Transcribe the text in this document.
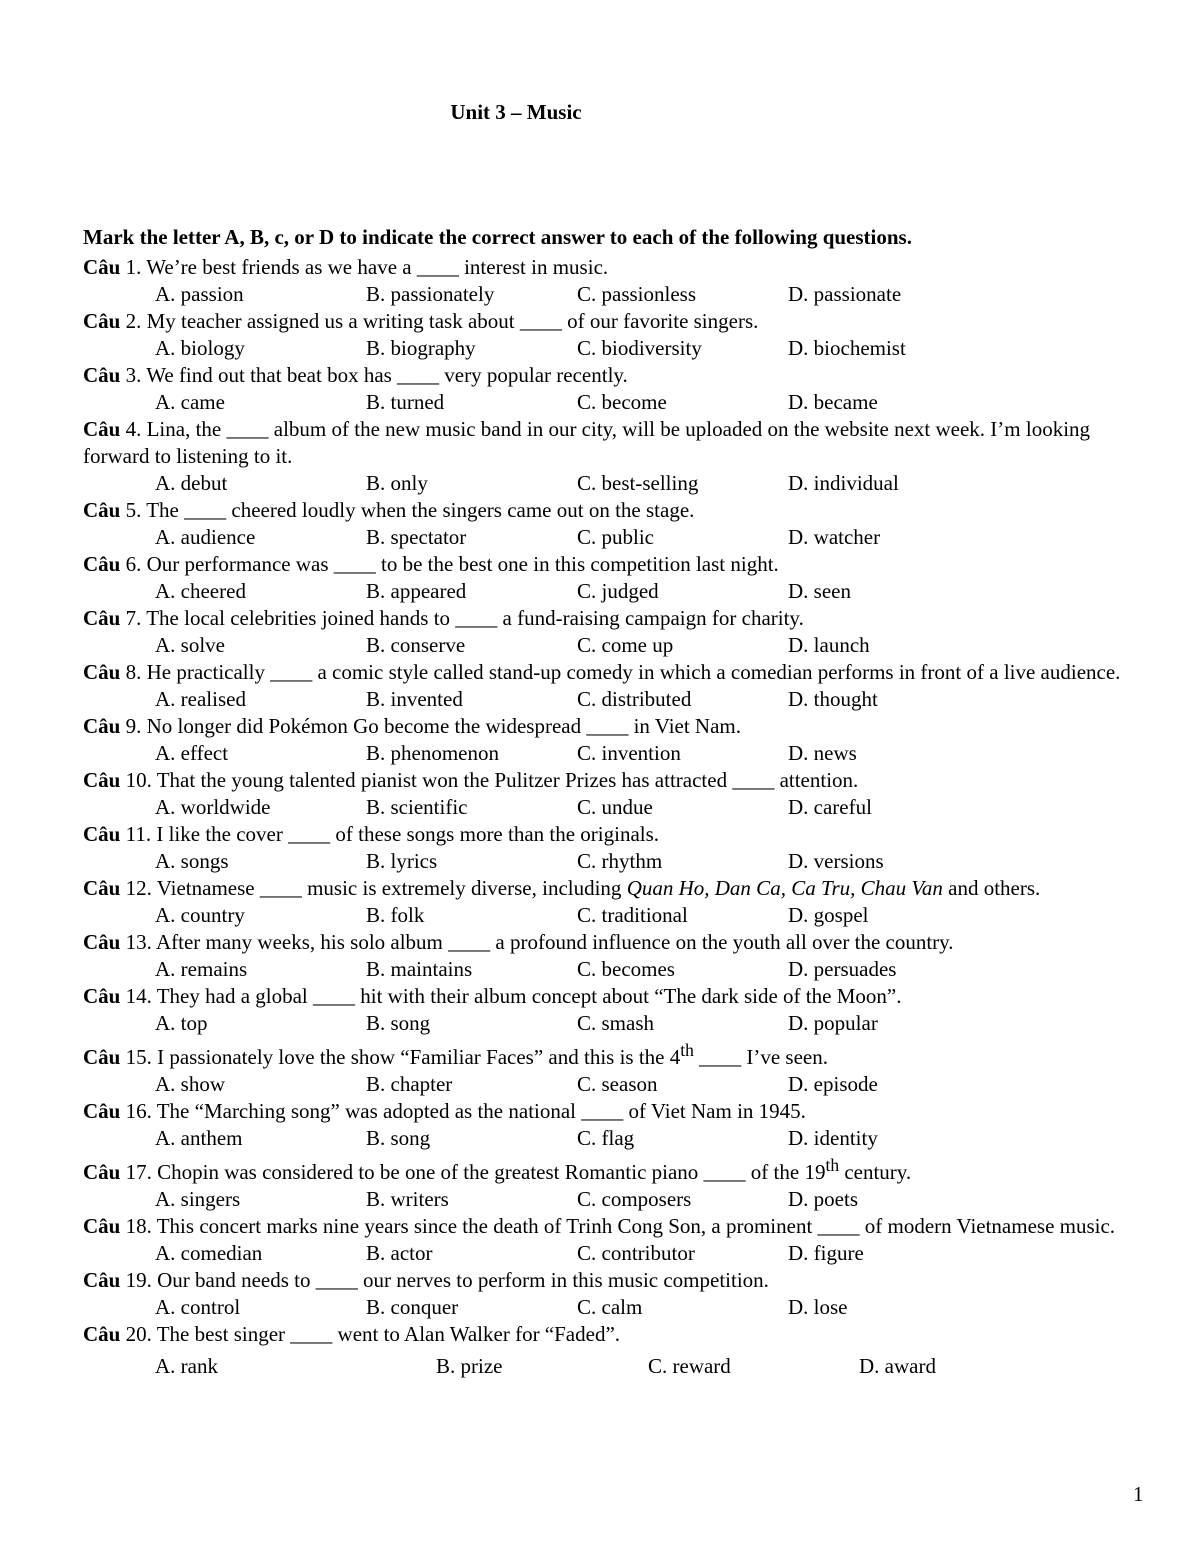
Unit 3 – Music
Mark the letter A, B, c, or D to indicate the correct answer to each of the following questions.

Câu 1. We’re best friends as we have a ____ interest in music.

A. passion	B. passionately	C. passionless	D. passionate

Câu 2. My teacher assigned us a writing task about ____ of our favorite singers.

A. biology	B. biography	C. biodiversity	D. biochemist

Câu 3. We find out that beat box has ____ very popular recently.

A. came	B. turned	C. become	D. became

Câu 4. Lina, the ____ album of the new music band in our city, will be uploaded on the website next week. I’m looking forward to listening to it.

A. debut	B. only	C. best-selling	D. individual

Câu 5. The ____ cheered loudly when the singers came out on the stage.

A. audience	B. spectator	C. public	D. watcher

Câu 6. Our performance was ____ to be the best one in this competition last night.

A. cheered	B. appeared	C. judged	D. seen

Câu 7. The local celebrities joined hands to ____ a fund-raising campaign for charity.

A. solve	B. conserve	C. come up	D. launch

Câu 8. He practically ____ a comic style called stand-up comedy in which a comedian performs in front of a live audience.

A. realised	B. invented	C. distributed	D. thought

Câu 9. No longer did Pokémon Go become the widespread ____ in Viet Nam.

A. effect	B. phenomenon	C. invention	D. news

Câu 10. That the young talented pianist won the Pulitzer Prizes has attracted ____ attention.

A. worldwide	B. scientific	C. undue	D. careful

Câu 11. I like the cover ____ of these songs more than the originals.

A. songs	B. lyrics	C. rhythm	D. versions

Câu 12. Vietnamese ____ music is extremely diverse, including Quan Ho, Dan Ca, Ca Tru, Chau Van and others.

A. country	B. folk	C. traditional	D. gospel

Câu 13. After many weeks, his solo album ____ a profound influence on the youth all over the country.

A. remains	B. maintains	C. becomes	D. persuades

Câu 14. They had a global ____ hit with their album concept about “The dark side of the Moon”.

A. top	B. song	C. smash	D. popular

Câu 15. I passionately love the show “Familiar Faces” and this is the 4th ____ I’ve seen.

A. show	B. chapter	C. season	D. episode

Câu 16. The “Marching song” was adopted as the national ____ of Viet Nam in 1945.

A. anthem	B. song	C. flag	D. identity

Câu 17. Chopin was considered to be one of the greatest Romantic piano ____ of the 19th century.

A. singers	B. writers	C. composers	D. poets

Câu 18. This concert marks nine years since the death of Trinh Cong Son, a prominent ____ of modern Vietnamese music.

A. comedian	B. actor	C. contributor	D. figure

Câu 19. Our band needs to ____ our nerves to perform in this music competition.

A. control	B. conquer	C. calm	D. lose

Câu 20. The best singer ____ went to Alan Walker for “Faded”.

A. rank	B. prize	C. reward	D. award
1
